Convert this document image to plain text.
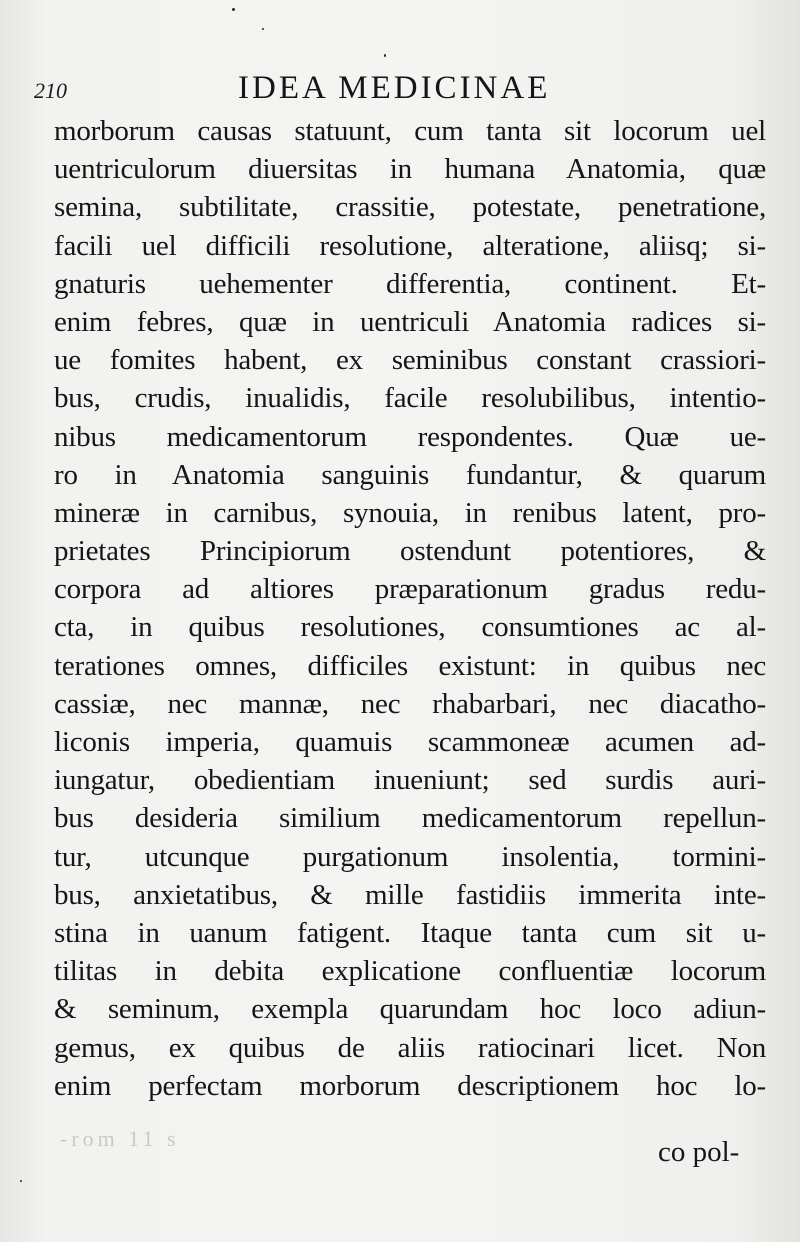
210	IDEA MEDICINAE
morborum causas statuunt, cum tanta sit locorum uel
uentriculorum diuersitas in humana Anatomia, quæ
semina, subtilitate, crassitie, potestate, penetratione,
facili uel difficili resolutione, alteratione, aliisq; si-
gnaturis uehementer differentia, continent. Et-
enim febres, quæ in uentriculi Anatomia radices si-
ue fomites habent, ex seminibus constant crassiori-
bus, crudis, inualidis, facile resolubilibus, intentio-
nibus medicamentorum respondentes. Quæ ue-
ro in Anatomia sanguinis fundantur, & quarum
mineræ in carnibus, synouia, in renibus latent, pro-
prietates Principiorum ostendunt potentiores, &
corpora ad altiores præparationum gradus redu-
cta, in quibus resolutiones, consumtiones ac al-
terationes omnes, difficiles existunt: in quibus nec
cassiæ, nec mannæ, nec rhabarbari, nec diacatho-
liconis imperia, quamuis scammoneæ acumen ad-
iungatur, obedientiam inueniunt; sed surdis auri-
bus desideria similium medicamentorum repellun-
tur, utcunque purgationum insolentia, tormini-
bus, anxietatibus, & mille fastidiis immerita inte-
stina in uanum fatigent. Itaque tanta cum sit u-
tilitas in debita explicatione confluentiæ locorum
& seminum, exempla quarundam hoc loco adiun-
gemus, ex quibus de aliis ratiocinari licet. Non
enim perfectam morborum descriptionem hoc lo-
-rom 11 s	co pol-
